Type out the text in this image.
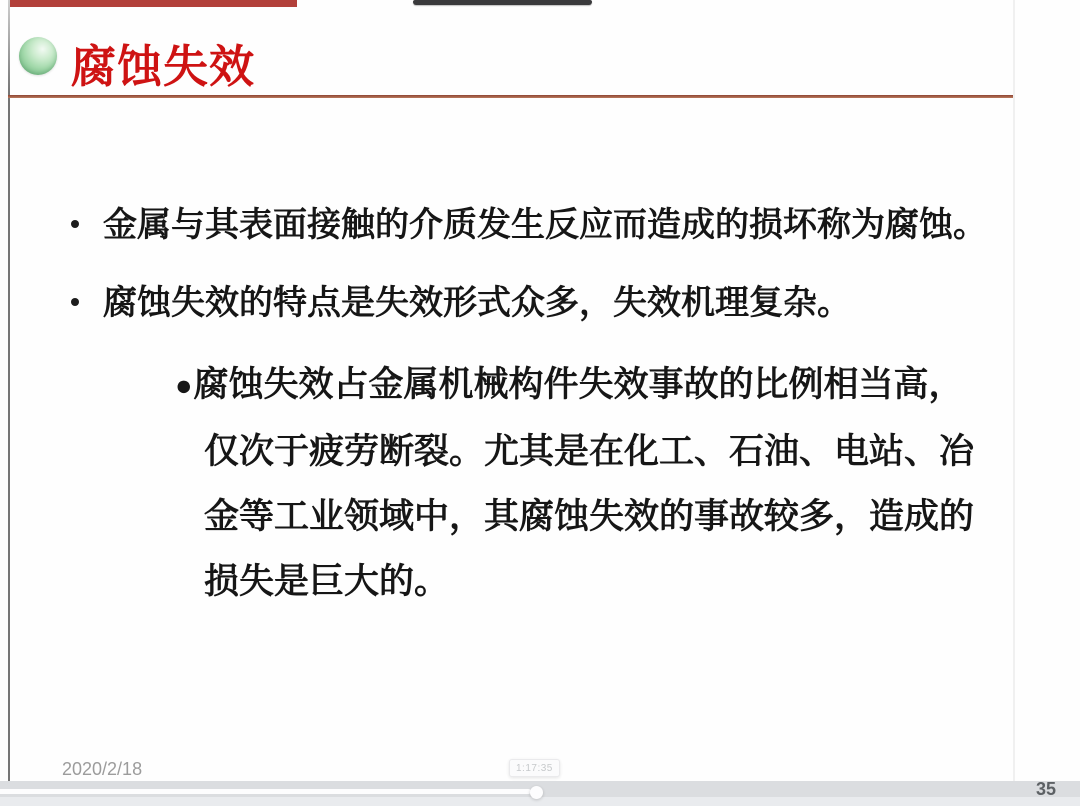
腐蚀失效
金属与其表面接触的介质发生反应而造成的损坏称为腐蚀。
腐蚀失效的特点是失效形式众多，失效机理复杂。
●腐蚀失效占金属机械构件失效事故的比例相当高，
仅次于疲劳断裂。尤其是在化工、石油、电站、冶
金等工业领域中，其腐蚀失效的事故较多，造成的
损失是巨大的。
2020/2/18	1:17:35
35
